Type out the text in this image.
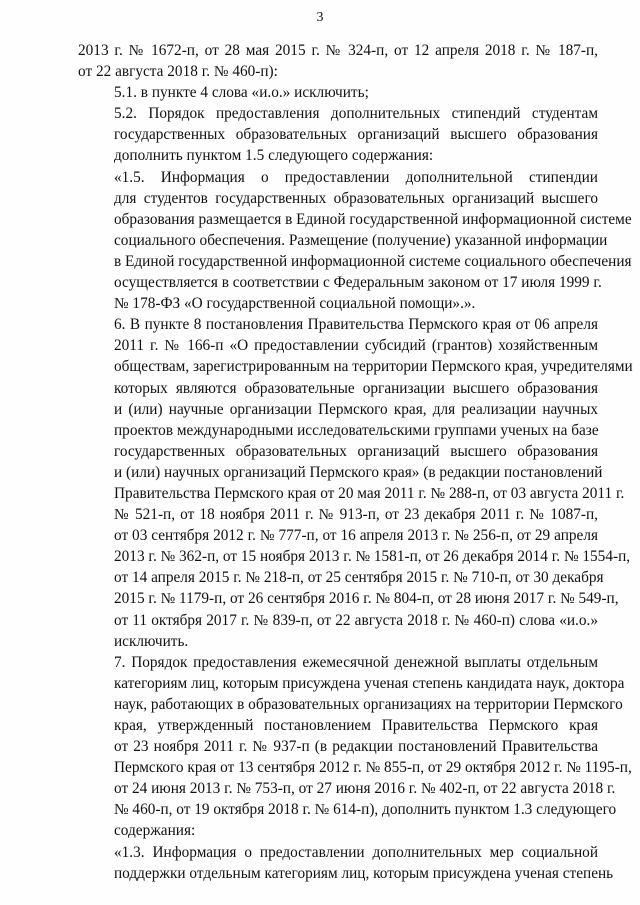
3
2013 г. № 1672-п, от 28 мая 2015 г. № 324-п, от 12 апреля 2018 г. № 187-п,
от 22 августа 2018 г. № 460-п):
5.1. в пункте 4 слова «и.о.» исключить;
5.2. Порядок предоставления дополнительных стипендий студентам
государственных образовательных организаций высшего образования
дополнить пунктом 1.5 следующего содержания:
«1.5. Информация о предоставлении дополнительной стипендии
для студентов государственных образовательных организаций высшего
образования размещается в Единой государственной информационной системе
социального обеспечения. Размещение (получение) указанной информации
в Единой государственной информационной системе социального обеспечения
осуществляется в соответствии с Федеральным законом от 17 июля 1999 г.
№ 178-ФЗ «О государственной социальной помощи».».
6. В пункте 8 постановления Правительства Пермского края от 06 апреля
2011 г. № 166-п «О предоставлении субсидий (грантов) хозяйственным
обществам, зарегистрированным на территории Пермского края, учредителями
которых являются образовательные организации высшего образования
и (или) научные организации Пермского края, для реализации научных
проектов международными исследовательскими группами ученых на базе
государственных образовательных организаций высшего образования
и (или) научных организаций Пермского края» (в редакции постановлений
Правительства Пермского края от 20 мая 2011 г. № 288-п, от 03 августа 2011 г.
№ 521-п, от 18 ноября 2011 г. № 913-п, от 23 декабря 2011 г. № 1087-п,
от 03 сентября 2012 г. № 777-п, от 16 апреля 2013 г. № 256-п, от 29 апреля
2013 г. № 362-п, от 15 ноября 2013 г. № 1581-п, от 26 декабря 2014 г. № 1554-п,
от 14 апреля 2015 г. № 218-п, от 25 сентября 2015 г. № 710-п, от 30 декабря
2015 г. № 1179-п, от 26 сентября 2016 г. № 804-п, от 28 июня 2017 г. № 549-п,
от 11 октября 2017 г. № 839-п, от 22 августа 2018 г. № 460-п) слова «и.о.»
исключить.
7. Порядок предоставления ежемесячной денежной выплаты отдельным
категориям лиц, которым присуждена ученая степень кандидата наук, доктора
наук, работающих в образовательных организациях на территории Пермского
края, утвержденный постановлением Правительства Пермского края
от 23 ноября 2011 г. № 937-п (в редакции постановлений Правительства
Пермского края от 13 сентября 2012 г. № 855-п, от 29 октября 2012 г. № 1195-п,
от 24 июня 2013 г. № 753-п, от 27 июня 2016 г. № 402-п, от 22 августа 2018 г.
№ 460-п, от 19 октября 2018 г. № 614-п), дополнить пунктом 1.3 следующего
содержания:
«1.3. Информация о предоставлении дополнительных мер социальной
поддержки отдельным категориям лиц, которым присуждена ученая степень
